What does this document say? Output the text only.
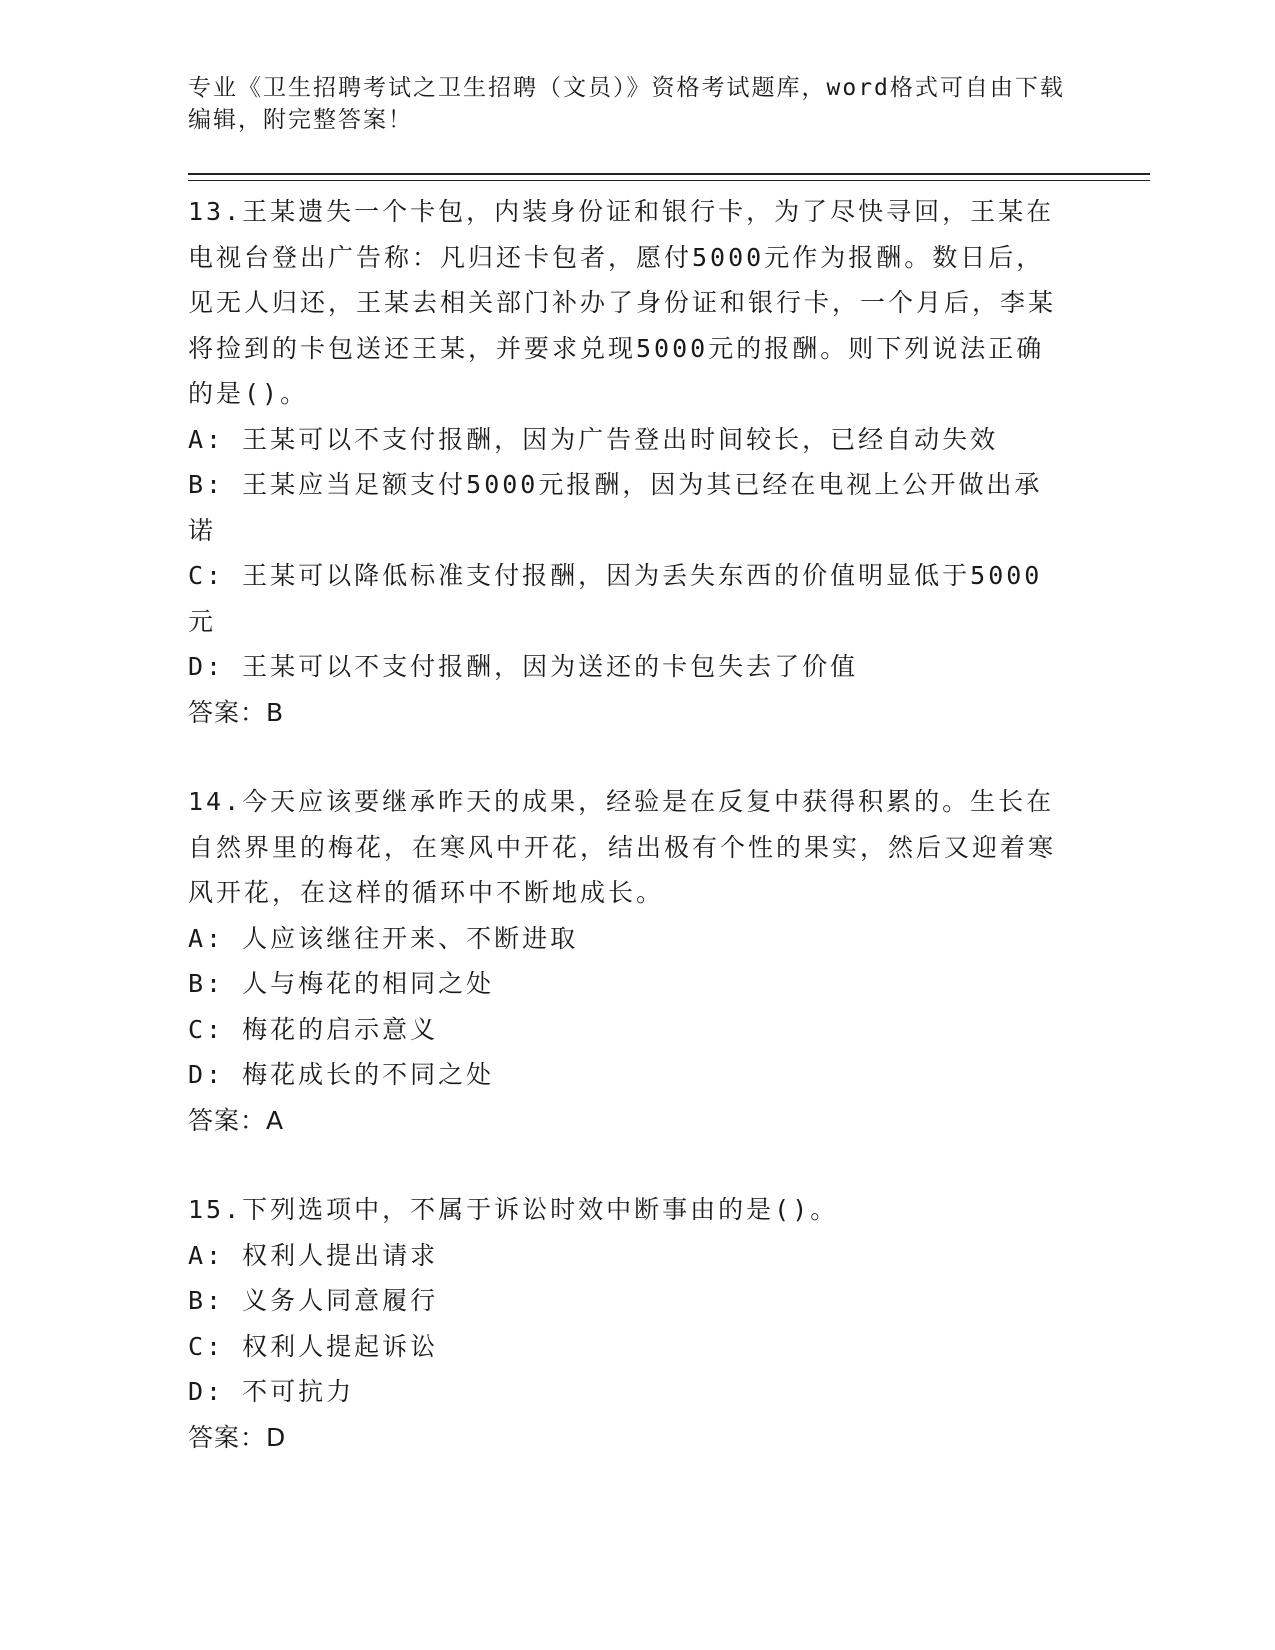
专业《卫生招聘考试之卫生招聘（文员）》资格考试题库，word格式可自由下载编辑，附完整答案！
13.王某遗失一个卡包，内装身份证和银行卡，为了尽快寻回，王某在电视台登出广告称：凡归还卡包者，愿付5000元作为报酬。数日后，见无人归还，王某去相关部门补办了身份证和银行卡，一个月后，李某将捡到的卡包送还王某，并要求兑现5000元的报酬。则下列说法正确的是()。
A: 王某可以不支付报酬，因为广告登出时间较长，已经自动失效
B: 王某应当足额支付5000元报酬，因为其已经在电视上公开做出承诺
C: 王某可以降低标准支付报酬，因为丢失东西的价值明显低于5000元
D: 王某可以不支付报酬，因为送还的卡包失去了价值
答案：B
14.今天应该要继承昨天的成果，经验是在反复中获得积累的。生长在自然界里的梅花，在寒风中开花，结出极有个性的果实，然后又迎着寒风开花，在这样的循环中不断地成长。
A: 人应该继往开来、不断进取
B: 人与梅花的相同之处
C: 梅花的启示意义
D: 梅花成长的不同之处
答案：A
15.下列选项中，不属于诉讼时效中断事由的是()。
A: 权利人提出请求
B: 义务人同意履行
C: 权利人提起诉讼
D: 不可抗力
答案：D
